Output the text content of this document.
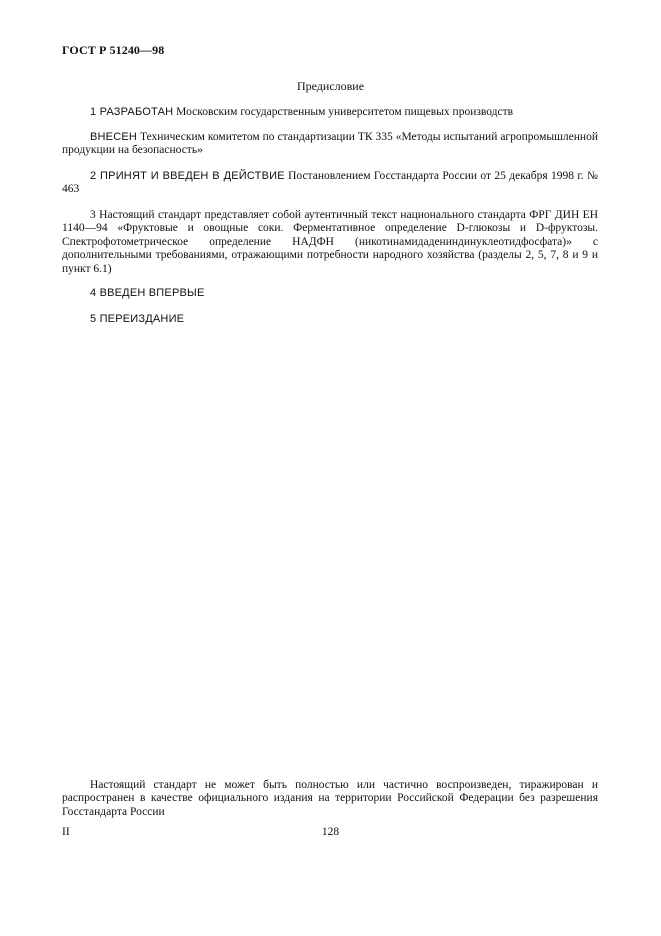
ГОСТ Р 51240—98
Предисловие

1 РАЗРАБОТАН Московским государственным университетом пищевых производств

ВНЕСЕН Техническим комитетом по стандартизации ТК 335 «Методы испытаний агропромышленной продукции на безопасность»

2 ПРИНЯТ И ВВЕДЕН В ДЕЙСТВИЕ Постановлением Госстандарта России от 25 декабря 1998 г. № 463

3 Настоящий стандарт представляет собой аутентичный текст национального стандарта ФРГ ДИН ЕН 1140—94 «Фруктовые и овощные соки. Ферментативное определение D-глюкозы и D-фруктозы. Спектрофотометрическое определение НАДФН (никотинамидадениндинуклеотидфосфата)» с дополнительными требованиями, отражающими потребности народного хозяйства (разделы 2, 5, 7, 8 и 9 и пункт 6.1)

4 ВВЕДЕН ВПЕРВЫЕ

5 ПЕРЕИЗДАНИЕ

Настоящий стандарт не может быть полностью или частично воспроизведен, тиражирован и распространен в качестве официального издания на территории Российской Федерации без разрешения Госстандарта России

II	128
